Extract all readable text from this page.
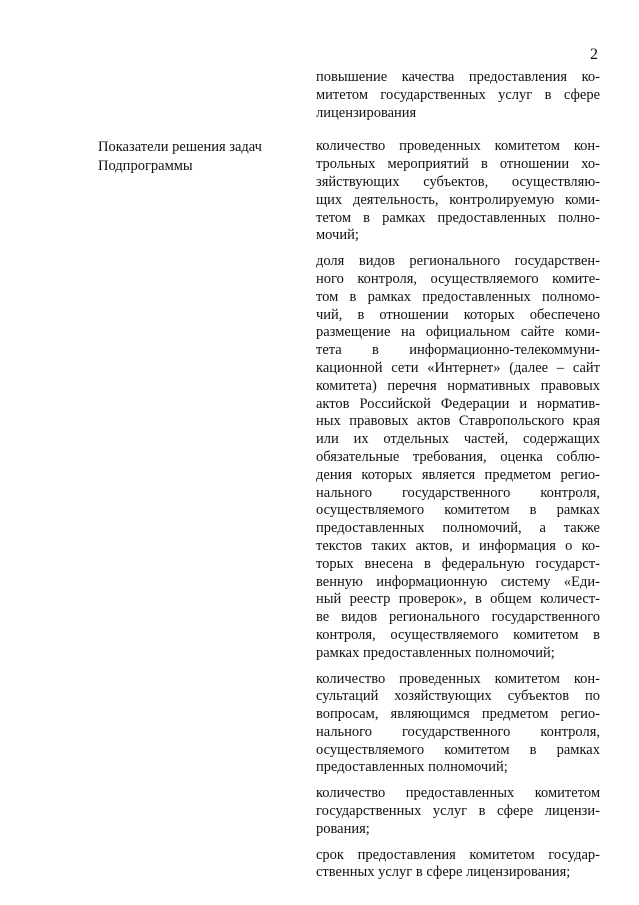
2
Показатели решения задач
Подпрограммы
повышение качества предоставления ко-
митетом государственных услуг в сфере
лицензирования
количество проведенных комитетом кон-
трольных мероприятий в отношении хо-
зяйствующих субъектов, осуществляю-
щих деятельность, контролируемую коми-
тетом в рамках предоставленных полно-
мочий;
доля видов регионального государствен-
ного контроля, осуществляемого комите-
том в рамках предоставленных полномо-
чий, в отношении которых обеспечено
размещение на официальном сайте коми-
тета в информационно-телекоммуни-
кационной сети «Интернет» (далее – сайт
комитета) перечня нормативных правовых
актов Российской Федерации и норматив-
ных правовых актов Ставропольского края
или их отдельных частей, содержащих
обязательные требования, оценка соблю-
дения которых является предметом регио-
нального государственного контроля,
осуществляемого комитетом в рамках
предоставленных полномочий, а также
текстов таких актов, и информация о ко-
торых внесена в федеральную государст-
венную информационную систему «Еди-
ный реестр проверок», в общем количест-
ве видов регионального государственного
контроля, осуществляемого комитетом в
рамках предоставленных полномочий;
количество проведенных комитетом кон-
сультаций хозяйствующих субъектов по
вопросам, являющимся предметом регио-
нального государственного контроля,
осуществляемого комитетом в рамках
предоставленных полномочий;
количество предоставленных комитетом
государственных услуг в сфере лицензи-
рования;
срок предоставления комитетом государ-
ственных услуг в сфере лицензирования;
